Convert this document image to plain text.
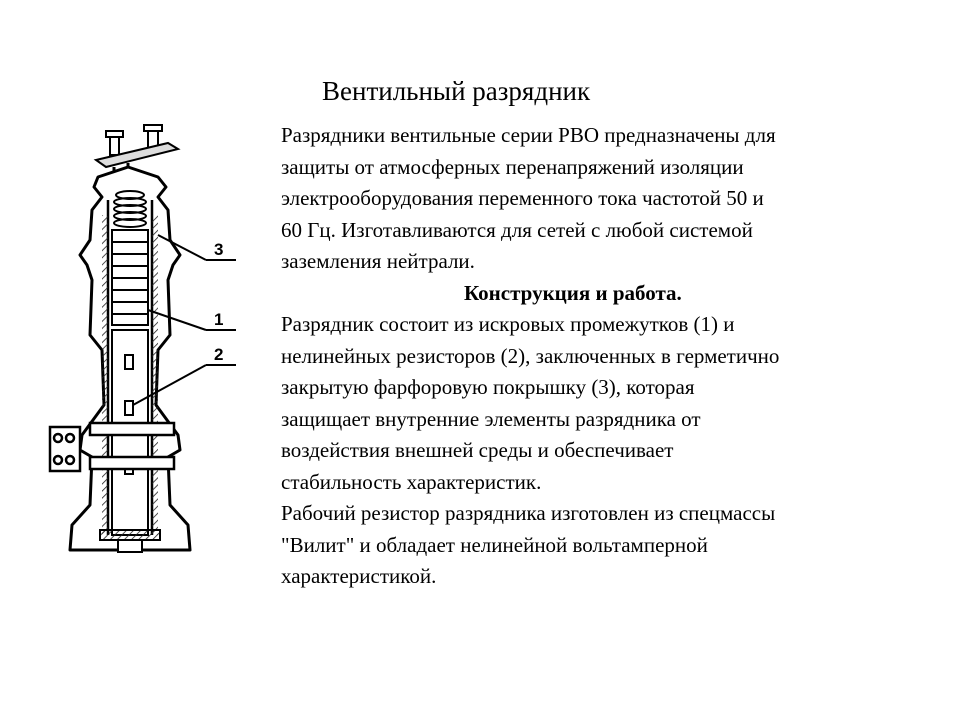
Вентильный разрядник
3
1
2
Разрядники вентильные серии РВО предназначены для
защиты от атмосферных перенапряжений изоляции
электрооборудования переменного тока частотой 50 и
60 Гц. Изготавливаются для сетей с любой системой
заземления нейтрали.
Конструкция и работа.
Разрядник состоит из искровых промежутков (1) и
нелинейных резисторов (2), заключенных в герметично
закрытую фарфоровую покрышку (3), которая
защищает внутренние элементы разрядника от
воздействия внешней среды и обеспечивает
стабильность характеристик.
Рабочий резистор разрядника изготовлен из спецмассы
"Вилит" и обладает нелинейной вольтамперной
характеристикой.
